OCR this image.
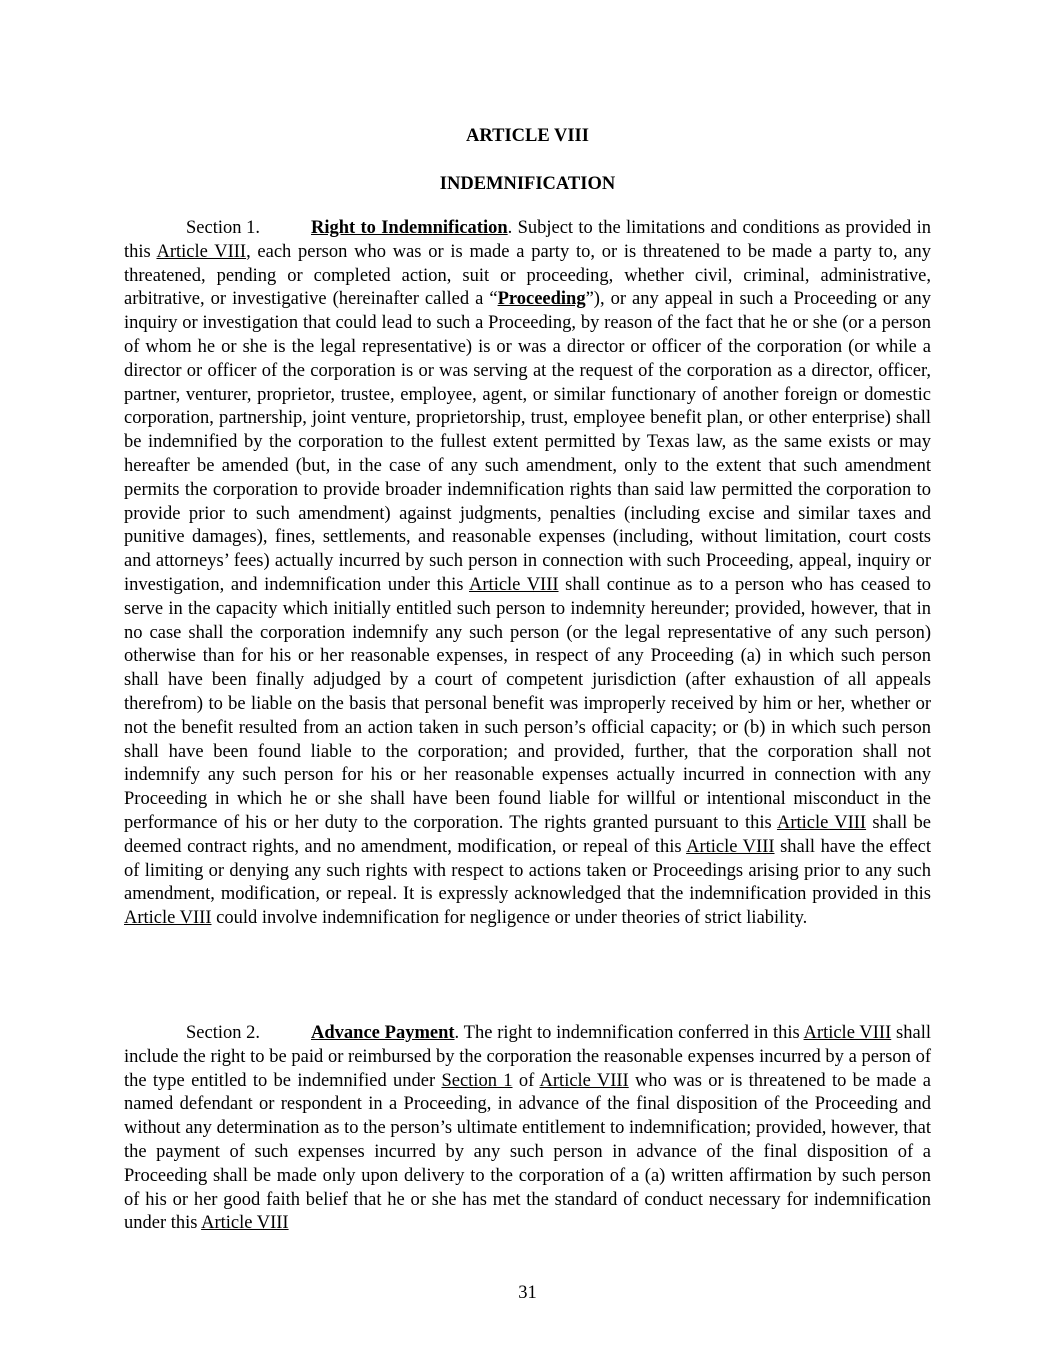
ARTICLE VIII
INDEMNIFICATION

Section 1.	Right to Indemnification. Subject to the limitations and conditions as provided in this Article VIII, each person who was or is made a party to, or is threatened to be made a party to, any threatened, pending or completed action, suit or proceeding, whether civil, criminal, administrative, arbitrative, or investigative (hereinafter called a “Proceeding”), or any appeal in such a Proceeding or any inquiry or investigation that could lead to such a Proceeding, by reason of the fact that he or she (or a person of whom he or she is the legal representative) is or was a director or officer of the corporation (or while a director or officer of the corporation is or was serving at the request of the corporation as a director, officer, partner, venturer, proprietor, trustee, employee, agent, or similar functionary of another foreign or domestic corporation, partnership, joint venture, proprietorship, trust, employee benefit plan, or other enterprise) shall be indemnified by the corporation to the fullest extent permitted by Texas law, as the same exists or may hereafter be amended (but, in the case of any such amendment, only to the extent that such amendment permits the corporation to provide broader indemnification rights than said law permitted the corporation to provide prior to such amendment) against judgments, penalties (including excise and similar taxes and punitive damages), fines, settlements, and reasonable expenses (including, without limitation, court costs and attorneys’ fees) actually incurred by such person in connection with such Proceeding, appeal, inquiry or investigation, and indemnification under this Article VIII shall continue as to a person who has ceased to serve in the capacity which initially entitled such person to indemnity hereunder; provided, however, that in no case shall the corporation indemnify any such person (or the legal representative of any such person) otherwise than for his or her reasonable expenses, in respect of any Proceeding (a) in which such person shall have been finally adjudged by a court of competent jurisdiction (after exhaustion of all appeals therefrom) to be liable on the basis that personal benefit was improperly received by him or her, whether or not the benefit resulted from an action taken in such person’s official capacity; or (b) in which such person shall have been found liable to the corporation; and provided, further, that the corporation shall not indemnify any such person for his or her reasonable expenses actually incurred in connection with any Proceeding in which he or she shall have been found liable for willful or intentional misconduct in the performance of his or her duty to the corporation. The rights granted pursuant to this Article VIII shall be deemed contract rights, and no amendment, modification, or repeal of this Article VIII shall have the effect of limiting or denying any such rights with respect to actions taken or Proceedings arising prior to any such amendment, modification, or repeal. It is expressly acknowledged that the indemnification provided in this Article VIII could involve indemnification for negligence or under theories of strict liability.

Section 2.	Advance Payment. The right to indemnification conferred in this Article VIII shall include the right to be paid or reimbursed by the corporation the reasonable expenses incurred by a person of the type entitled to be indemnified under Section 1 of Article VIII who was or is threatened to be made a named defendant or respondent in a Proceeding, in advance of the final disposition of the Proceeding and without any determination as to the person’s ultimate entitlement to indemnification; provided, however, that the payment of such expenses incurred by any such person in advance of the final disposition of a Proceeding shall be made only upon delivery to the corporation of a (a) written affirmation by such person of his or her good faith belief that he or she has met the standard of conduct necessary for indemnification under this Article VIII

31
